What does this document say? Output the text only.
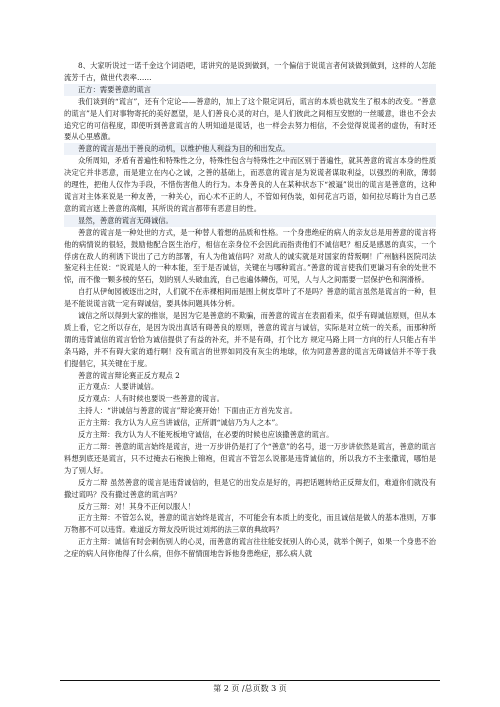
8、大家听说过一诺千金这个词语吧，诺讲究的是说到做到，一个偏信于说谎言者何谈做到做到，这样的人怎能流芳千古，做世代表率……

正方：需要善意的谎言

我们谈到的“谎言”，还有个定论——善意的，加上了这个限定词后，谎言的本质也就发生了根本的改变。“善意的谎言”是人们对事物寄托的美好愿望，是人们善良心灵的对白，是人们彼此之间相互安慰的一丝暖意，谁也不会去追究它的可信程度，即使听到善意谎言的人明知道是谎话，也一样会去努力相信，不会觉得说谎者的虚伪，有时还要从心里感激。

善意的谎言是出于善良的动机，以维护他人利益为目的和出发点。

众所周知，矛盾有普遍性和特殊性之分，特殊性包含与特殊性之中而区别于普遍性，就其善意的谎言本身的性质决定它并非恶意，而是建立在内心之诚，之善的基础上，而恶意的谎言是为说谎者谋取利益，以强烈的利欲，薄弱的理性，把他人仅作为手段，不惜伤害他人的行为。本身善良的人在某种状态下“被逼”说出的谎言是善意的，这种谎言对主体来说是一种友善，一种关心，而心术不正的人，不管如何伪装，如何花言巧语，如何拉尽晦计为自己恶意的谎言遮上善意的高帽，其所说的谎言都带有恶意目的性。

显然，善意的谎言无碍诚信。

善意的谎言是一种处世的方式，是一种替人着想的品质和性格。一个身患绝症的病人的亲友总是用善意的谎言将他的病情说的很轻，鼓励他配合医生治疗，相信在亲身位不会因此而指责他们不诚信吧？相反是感恩的真实，一个俘虏在敌人的利诱下说出了己方的部署，有人为他诚信吗？对敌人的诚实就是对国家的背叛啊！广州脑科医院司法鉴定科主任说：“说谎是人的一种本能，至于是否诚信，关键在与哪种谎言。”善意的谎言使我们更谦习有余的处世不惊，而不像一颗多棱的坚石，划的别人头破血流，自己也遍体鳞伤，可见，人与人之间需要一层保护色和润滑桥。

自打从伊甸园被逐出之时，人们就不在赤裸相间而是围上树皮草叶了不是吗？善意的谎言虽然是谎言的一种，但是不能说谎言就一定有碍诚信，要具体问题具体分析。

诚信之所以得到大家的推崇，是因为它是善意的不欺骗，而善意的谎言在表面看来，似乎有碍诚信原则，但从本质上看，它之所以存在，是因为说出真话有碍善良的原则，善意的谎言与诚信，实际是对立统一的关系，而那种所谓的违背诚信的谎言恰恰为诚信提供了有益的补充，并不是有碍，打个比方 规定马路上同一方向的行人只能占有半条马路，并不有碍大家的通行啊！没有谎言的世界如同没有灰尘的地球，依为同意善意的谎言无碍诚信并不等于我们提倡它，其关键在于度。

善意的谎言辩论赛正反方观点 2

正方观点：人要讲诚信。

反方观点：人有时候也要说一些善意的谎言。

主持人：“讲诚信与善意的谎言”辩论赛开始！下面由正方首先发言。

正方主辩：我方认为人应当讲诚信，正所谓“诚信乃为人之本”。

反方主辩：我方认为人不能死板地守诚信，在必要的时候也应该撒善意的谎言。

正方二辩：善意的谎言始终是谎言，进一万步讲仍是打了个“善意”的名号，退一万步讲依然是谎言，善意的谎言料想到底还是谎言，只不过掩去石袍换上锦袍，但谎言不管怎么说都是违背诚信的，所以我方不主张撒谎，哪怕是为了别人好。

反方二辩 虽然善意的谎言是违背诚信的，但是它的出发点是好的，再把话题转给正反辩友们，难道你们就没有撒过谎吗？没有撒过善意的谎言吗？

反方三辩：对！其身不正何以服人！

正方主辩：不管怎么说，善意的谎言始终是谎言，不可能会有本质上的变化，而且诚信是做人的基本准则，万事万物都不可以违背。难道反方辩友没听说过刘邦的法三章的典故吗？

正方主辩：诚信有时会刺伤别人的心灵，而善意的谎言往往能安抚别人的心灵，就举个例子，如果一个身患不治之症的病人问你他得了什么病，但你不留情面地告诉他身患绝症，那么病人就

第 2 页 /总页数 3 页
